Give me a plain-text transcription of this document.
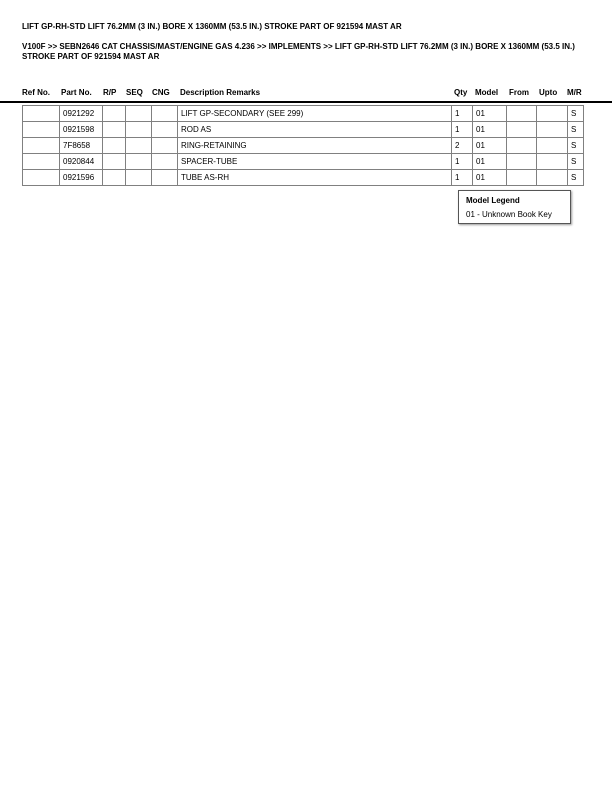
LIFT GP-RH-STD LIFT 76.2MM (3 IN.) BORE X 1360MM (53.5 IN.) STROKE PART OF 921594 MAST AR
V100F >> SEBN2646 CAT CHASSIS/MAST/ENGINE GAS 4.236 >> IMPLEMENTS >> LIFT GP-RH-STD LIFT 76.2MM (3 IN.) BORE X 1360MM (53.5 IN.) STROKE PART OF 921594 MAST AR
Ref No. Part No. R/P SEQ CNG Description Remarks	Qty Model From Upto M/R
	0921292				LIFT GP-SECONDARY (SEE 299)	1	01			S
	0921598				ROD AS	1	01			S
	7F8658				RING-RETAINING	2	01			S
	0920844				SPACER-TUBE	1	01			S
	0921596				TUBE AS-RH	1	01			S
Model Legend
01 - Unknown Book Key
